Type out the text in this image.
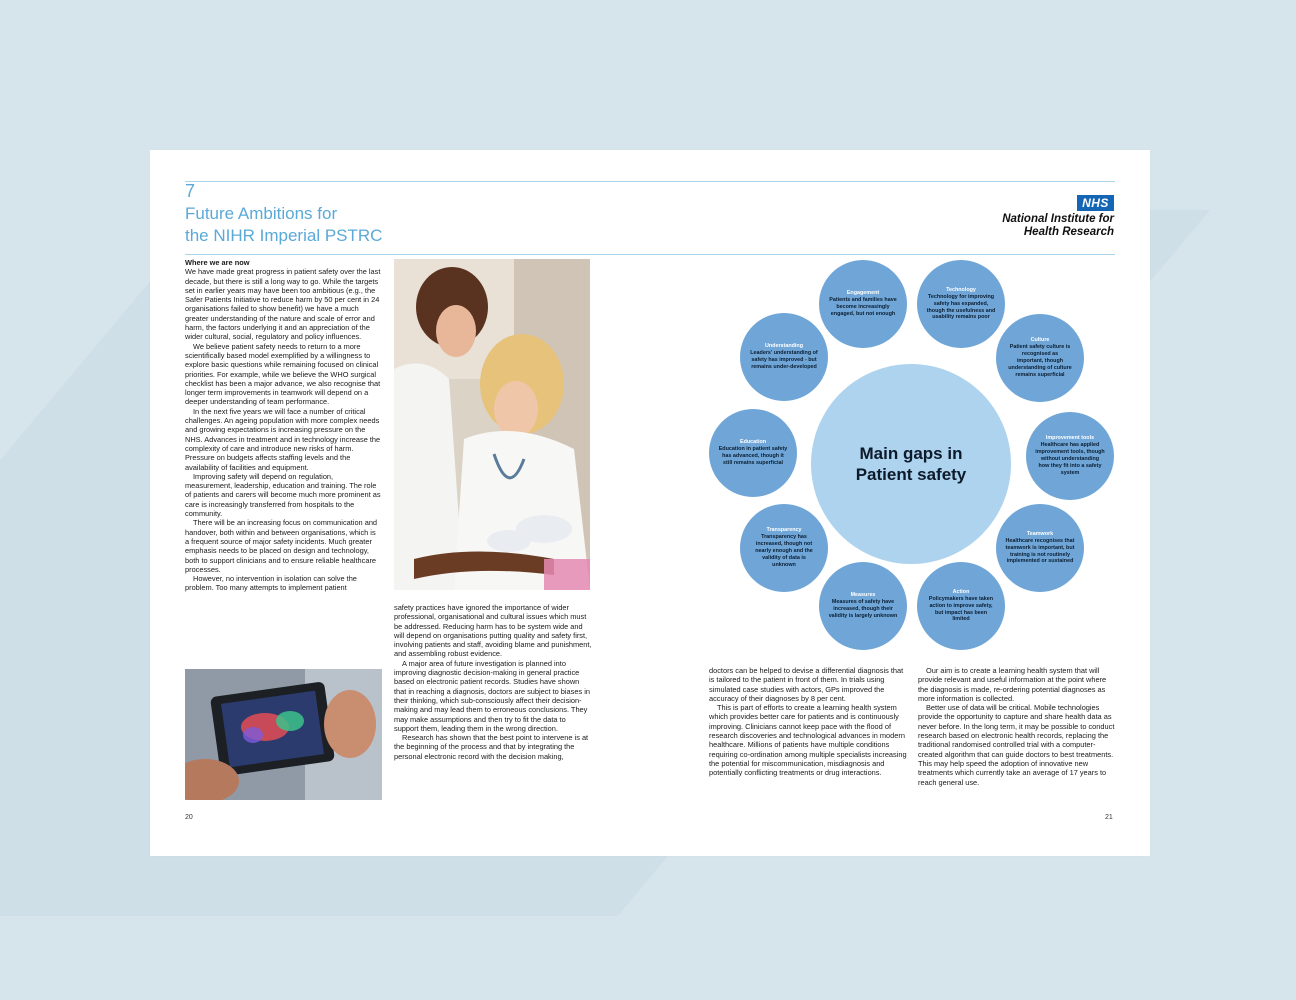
7
Future Ambitions for
the NIHR Imperial PSTRC
NHS
National Institute for
Health Research

Where we are now

We have made great progress in patient safety over the last decade, but there is still a long way to go. While the targets set in earlier years may have been too ambitious (e.g., the Safer Patients Initiative to reduce harm by 50 per cent in 24 organisations failed to show benefit) we have a much greater understanding of the nature and scale of error and harm, the factors underlying it and an appreciation of the wider cultural, social, regulatory and policy influences.

We believe patient safety needs to return to a more scientifically based model exemplified by a willingness to explore basic questions while remaining focused on clinical priorities. For example, while we believe the WHO surgical checklist has been a major advance, we also recognise that longer term improvements in teamwork will depend on a deeper understanding of team performance.

In the next five years we will face a number of critical challenges. An ageing population with more complex needs and growing expectations is increasing pressure on the NHS. Advances in treatment and in technology increase the complexity of care and introduce new risks of harm. Pressure on budgets affects staffing levels and the availability of facilities and equipment.

Improving safety will depend on regulation, measurement, leadership, education and training. The role of patients and carers will become much more prominent as care is increasingly transferred from hospitals to the community.

There will be an increasing focus on communication and handover, both within and between organisations, which is a frequent source of major safety incidents. Much greater emphasis needs to be placed on design and technology, both to support clinicians and to ensure reliable healthcare processes.

However, no intervention in isolation can solve the problem. Too many attempts to implement patient

safety practices have ignored the importance of wider professional, organisational and cultural issues which must be addressed. Reducing harm has to be system wide and will depend on organisations putting quality and safety first, involving patients and staff, avoiding blame and punishment, and assembling robust evidence.

A major area of future investigation is planned into improving diagnostic decision-making in general practice based on electronic patient records. Studies have shown that in reaching a diagnosis, doctors are subject to biases in their thinking, which sub-consciously affect their decision-making and may lead them to erroneous conclusions. They may make assumptions and then try to fit the data to support them, leading them in the wrong direction.

Research has shown that the best point to intervene is at the beginning of the process and that by integrating the personal electronic record with the decision making,

Main gaps in
Patient safety
Engagement
Patients and families have become increasingly engaged, but not enough
Technology
Technology for improving safety has expanded, though the usefulness and usability remains poor
Culture
Patient safety culture is recognised as important, though understanding of culture remains superficial
Improvement tools
Healthcare has applied improvement tools, though without understanding how they fit into a safety system
Teamwork
Healthcare recognises that teamwork is important, but training is not routinely implemented or sustained
Action
Policymakers have taken action to improve safety, but impact has been limited
Measures
Measures of safety have increased, though their validity is largely unknown
Transparency
Transparency has increased, though not nearly enough and the validity of data is unknown
Education
Education in patient safety has advanced, though it still remains superficial
Understanding
Leaders' understanding of safety has improved - but remains under-developed

doctors can be helped to devise a differential diagnosis that is tailored to the patient in front of them. In trials using simulated case studies with actors, GPs improved the accuracy of their diagnoses by 8 per cent.

This is part of efforts to create a learning health system which provides better care for patients and is continuously improving. Clinicians cannot keep pace with the flood of research discoveries and technological advances in modern healthcare. Millions of patients have multiple conditions requiring co-ordination among multiple specialists increasing the potential for miscommunication, misdiagnosis and potentially conflicting treatments or drug interactions.

Our aim is to create a learning health system that will provide relevant and useful information at the point where the diagnosis is made, re-ordering potential diagnoses as more information is collected.

Better use of data will be critical. Mobile technologies provide the opportunity to capture and share health data as never before. In the long term, it may be possible to conduct research based on electronic health records, replacing the traditional randomised controlled trial with a computer-created algorithm that can guide doctors to best treatments. This may help speed the adoption of innovative new treatments which currently take an average of 17 years to reach general use.

20	21
